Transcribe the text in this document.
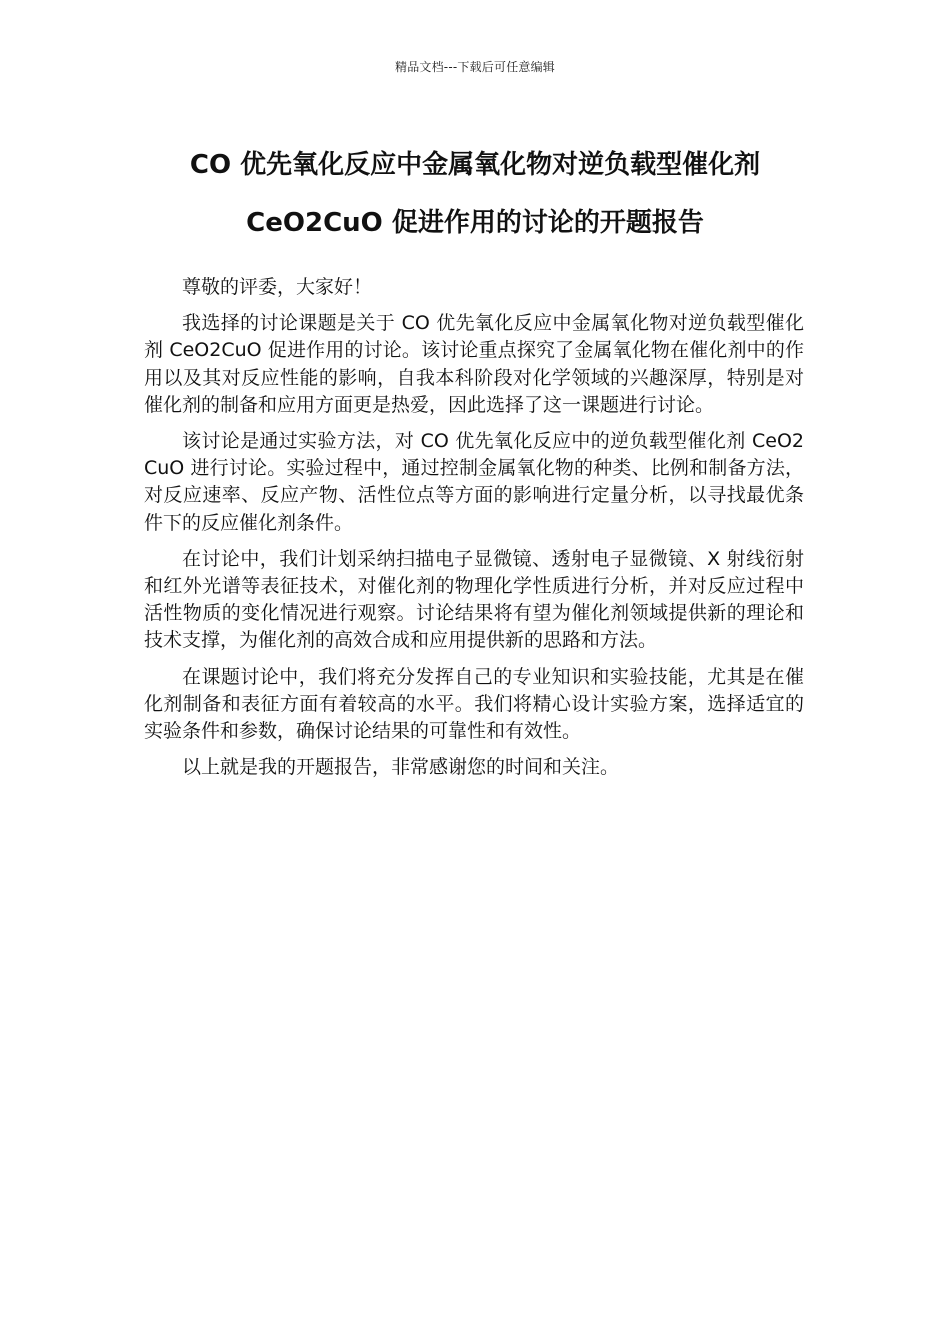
精品文档---下载后可任意编辑
CO 优先氧化反应中金属氧化物对逆负载型催化剂
CeO2CuO 促进作用的讨论的开题报告

尊敬的评委，大家好！

我选择的讨论课题是关于 CO 优先氧化反应中金属氧化物对逆负载型催化剂 CeO2CuO 促进作用的讨论。该讨论重点探究了金属氧化物在催化剂中的作用以及其对反应性能的影响，自我本科阶段对化学领域的兴趣深厚，特别是对催化剂的制备和应用方面更是热爱，因此选择了这一课题进行讨论。

该讨论是通过实验方法，对 CO 优先氧化反应中的逆负载型催化剂 CeO2CuO 进行讨论。实验过程中，通过控制金属氧化物的种类、比例和制备方法，对反应速率、反应产物、活性位点等方面的影响进行定量分析，以寻找最优条件下的反应催化剂条件。

在讨论中，我们计划采纳扫描电子显微镜、透射电子显微镜、X 射线衍射和红外光谱等表征技术，对催化剂的物理化学性质进行分析，并对反应过程中活性物质的变化情况进行观察。讨论结果将有望为催化剂领域提供新的理论和技术支撑，为催化剂的高效合成和应用提供新的思路和方法。

在课题讨论中，我们将充分发挥自己的专业知识和实验技能，尤其是在催化剂制备和表征方面有着较高的水平。我们将精心设计实验方案，选择适宜的实验条件和参数，确保讨论结果的可靠性和有效性。

以上就是我的开题报告，非常感谢您的时间和关注。
